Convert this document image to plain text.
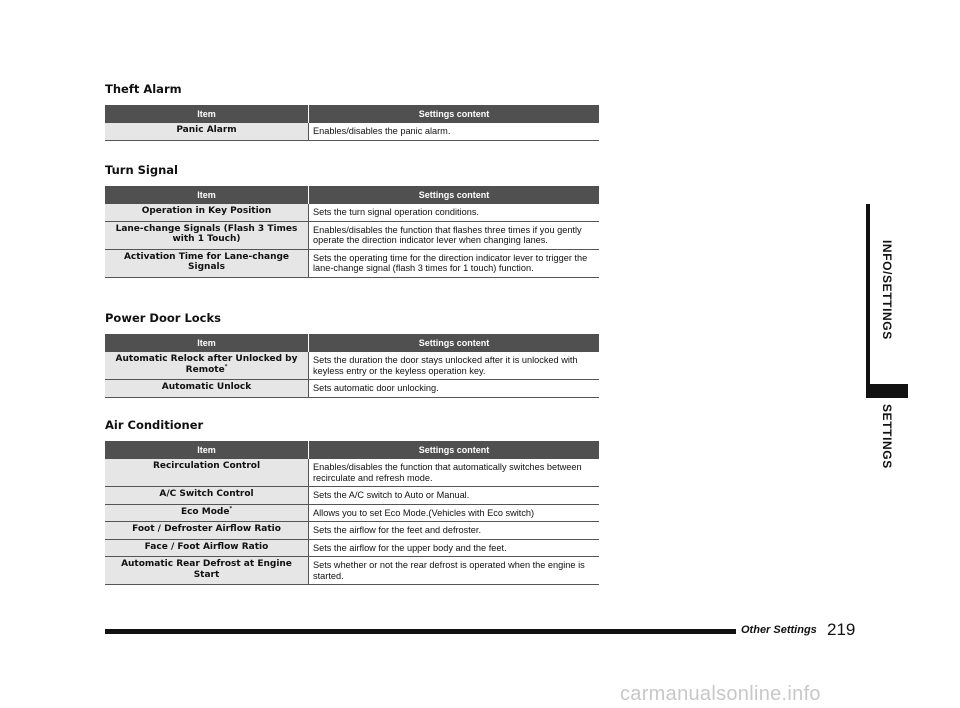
Theft Alarm
Item	Settings content
Panic Alarm	Enables/disables the panic alarm.
Turn Signal
Item	Settings content
Operation in Key Position	Sets the turn signal operation conditions.
Lane-change Signals (Flash 3 Times with 1 Touch)	Enables/disables the function that flashes three times if you gently operate the direction indicator lever when changing lanes.
Activation Time for Lane-change Signals	Sets the operating time for the direction indicator lever to trigger the lane-change signal (flash 3 times for 1 touch) function.
Power Door Locks
Item	Settings content
Automatic Relock after Unlocked by Remote*	Sets the duration the door stays unlocked after it is unlocked with keyless entry or the keyless operation key.
Automatic Unlock	Sets automatic door unlocking.
Air Conditioner
Item	Settings content
Recirculation Control	Enables/disables the function that automatically switches between recirculate and refresh mode.
A/C Switch Control	Sets the A/C switch to Auto or Manual.
Eco Mode*	Allows you to set Eco Mode.(Vehicles with Eco switch)
Foot / Defroster Airflow Ratio	Sets the airflow for the feet and defroster.
Face / Foot Airflow Ratio	Sets the airflow for the upper body and the feet.
Automatic Rear Defrost at Engine Start	Sets whether or not the rear defrost is operated when the engine is started.
INFO/SETTINGS
SETTINGS
Other Settings 219
carmanualsonline.info
